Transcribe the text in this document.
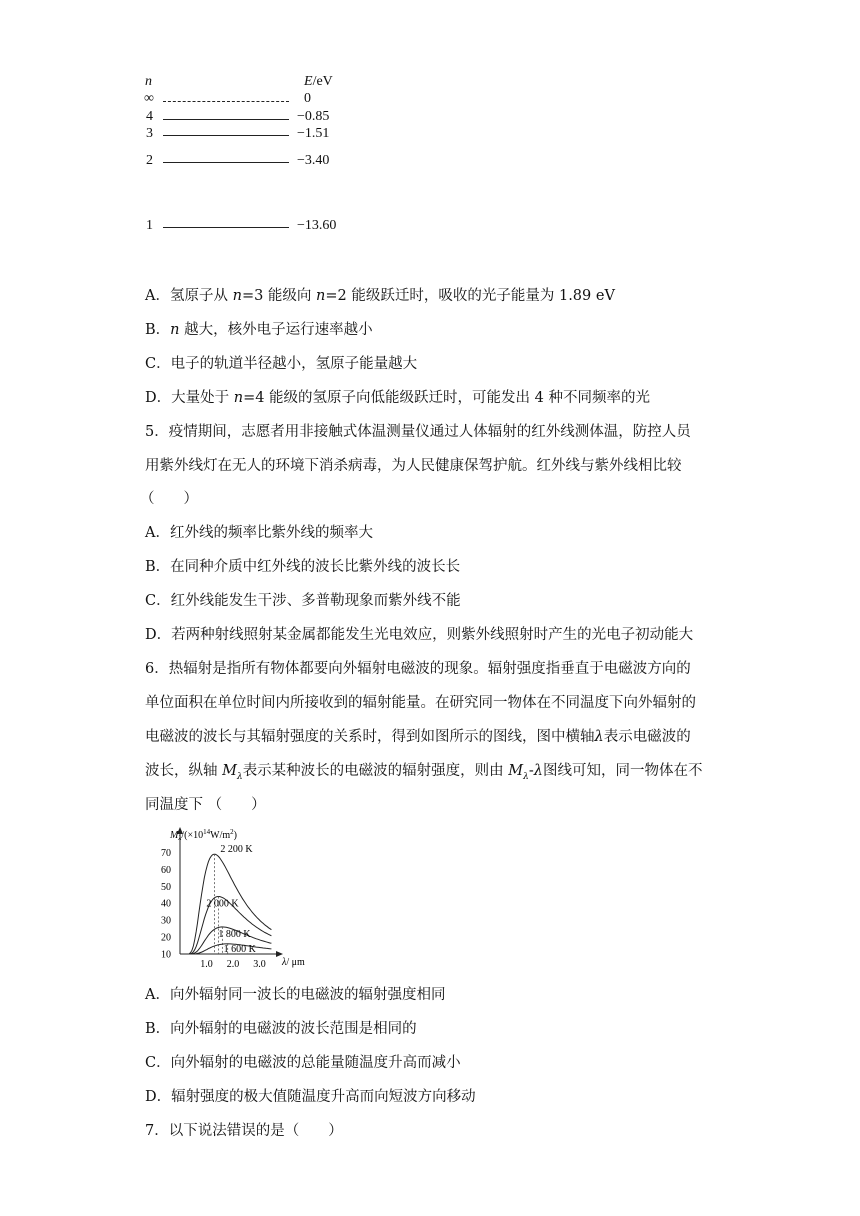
n	E/eV
∞	0
4	−0.85
3	−1.51
2	−3.40
1	−13.60
A．氢原子从 n=3 能级向 n=2 能级跃迁时，吸收的光子能量为 1.89 eV
B．n 越大，核外电子运行速率越小
C．电子的轨道半径越小，氢原子能量越大
D．大量处于 n=4 能级的氢原子向低能级跃迁时，可能发出 4 种不同频率的光
5．疫情期间，志愿者用非接触式体温测量仪通过人体辐射的红外线测体温，防控人员
用紫外线灯在无人的环境下消杀病毒，为人民健康保驾护航。红外线与紫外线相比较
（　　）
A．红外线的频率比紫外线的频率大
B．在同种介质中红外线的波长比紫外线的波长长
C．红外线能发生干涉、多普勒现象而紫外线不能
D．若两种射线照射某金属都能发生光电效应，则紫外线照射时产生的光电子初动能大
6．热辐射是指所有物体都要向外辐射电磁波的现象。辐射强度指垂直于电磁波方向的
单位面积在单位时间内所接收到的辐射能量。在研究同一物体在不同温度下向外辐射的
电磁波的波长与其辐射强度的关系时，得到如图所示的图线，图中横轴λ表示电磁波的
波长，纵轴 $M_\lambda$表示某种波长的电磁波的辐射强度，则由 $M_\lambda-\lambda$图线可知，同一物体在不
同温度下 （　　）
$M_\lambda/(\times 10^{14}W/m^2)$
λ/ μm
70
60
50
40
30
20
10
1.0 2.0 3.0
2 200 K
2 000 K
1 800 K
1 600 K
A．向外辐射同一波长的电磁波的辐射强度相同
B．向外辐射的电磁波的波长范围是相同的
C．向外辐射的电磁波的总能量随温度升高而减小
D．辐射强度的极大值随温度升高而向短波方向移动
7．以下说法错误的是（　　）
